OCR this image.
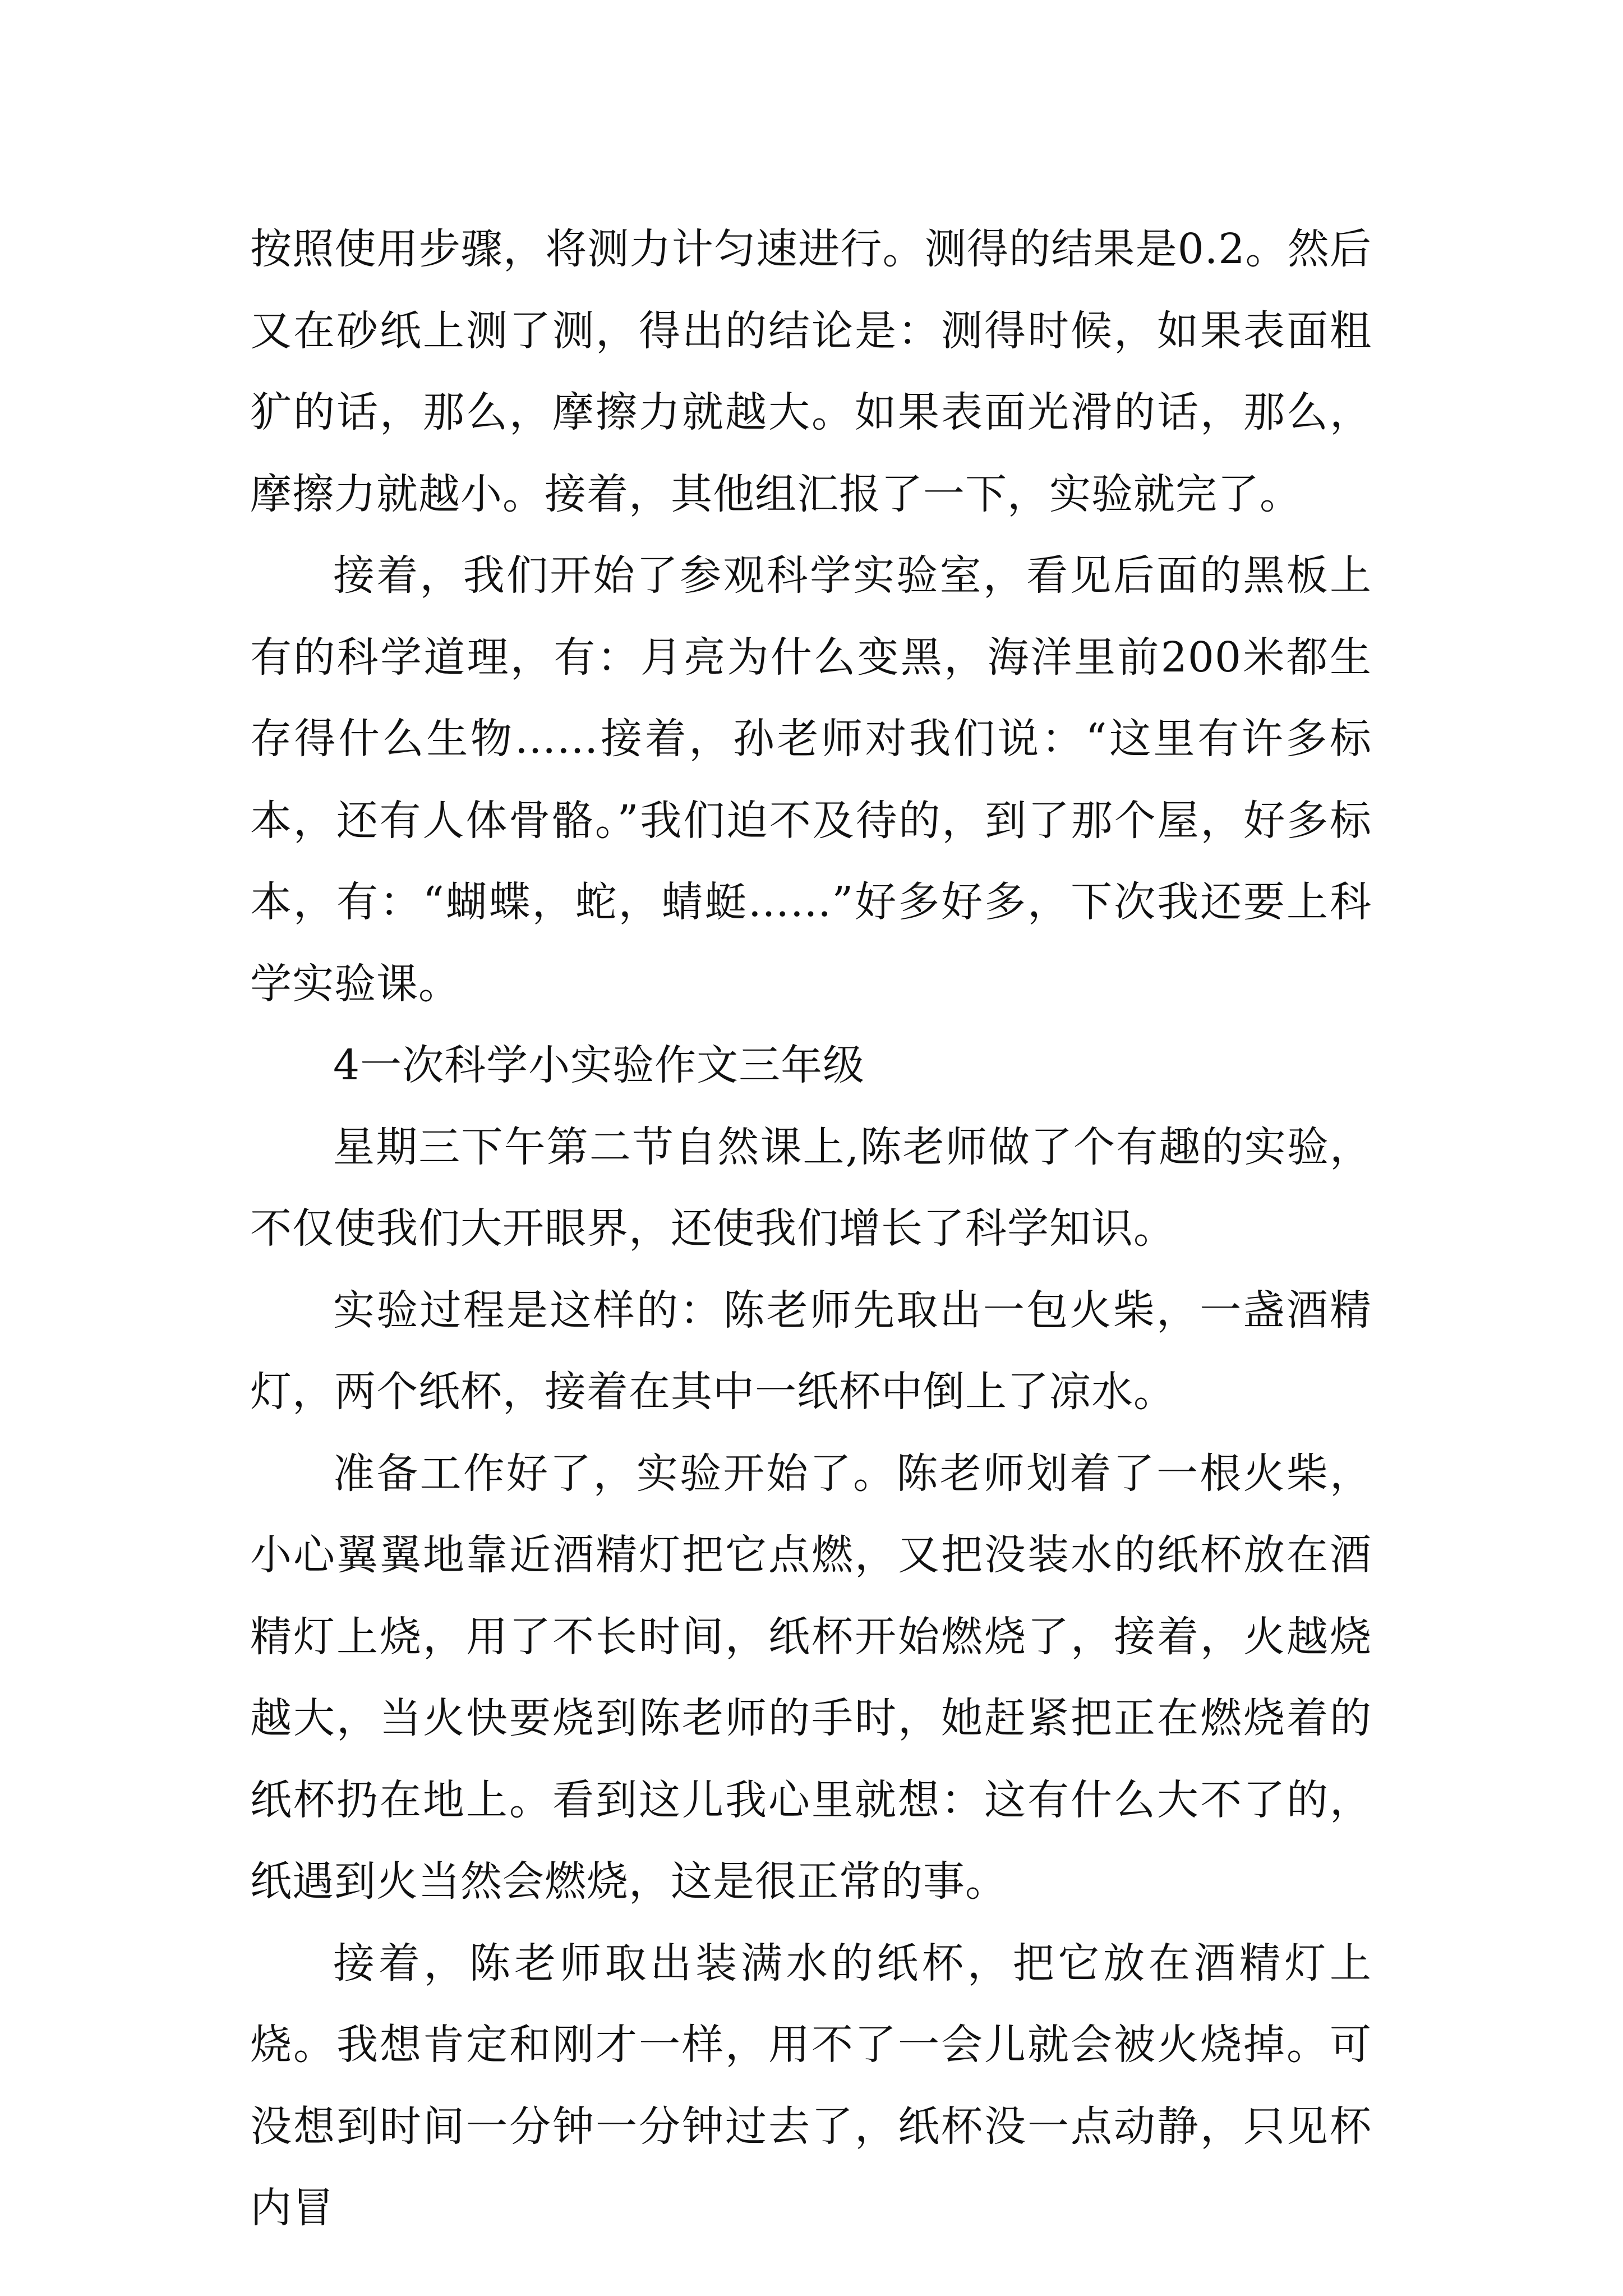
按照使用步骤，将测力计匀速进行。测得的结果是0.2。然后又在砂纸上测了测，得出的结论是：测得时候，如果表面粗犷的话，那么，摩擦力就越大。如果表面光滑的话，那么，摩擦力就越小。接着，其他组汇报了一下，实验就完了。

接着，我们开始了参观科学实验室，看见后面的黑板上有的科学道理，有：月亮为什么变黑，海洋里前200米都生存得什么生物……接着，孙老师对我们说：“这里有许多标本，还有人体骨骼。”我们迫不及待的，到了那个屋，好多标本，有：“蝴蝶，蛇，蜻蜓……”好多好多，下次我还要上科学实验课。

4一次科学小实验作文三年级

星期三下午第二节自然课上,陈老师做了个有趣的实验，不仅使我们大开眼界，还使我们增长了科学知识。

实验过程是这样的：陈老师先取出一包火柴，一盏酒精灯，两个纸杯，接着在其中一纸杯中倒上了凉水。

准备工作好了，实验开始了。陈老师划着了一根火柴，小心翼翼地靠近酒精灯把它点燃，又把没装水的纸杯放在酒精灯上烧，用了不长时间，纸杯开始燃烧了，接着，火越烧越大，当火快要烧到陈老师的手时，她赶紧把正在燃烧着的纸杯扔在地上。看到这儿我心里就想：这有什么大不了的，纸遇到火当然会燃烧，这是很正常的事。

接着，陈老师取出装满水的纸杯，把它放在酒精灯上烧。我想肯定和刚才一样，用不了一会儿就会被火烧掉。可没想到时间一分钟一分钟过去了，纸杯没一点动静，只见杯内冒
